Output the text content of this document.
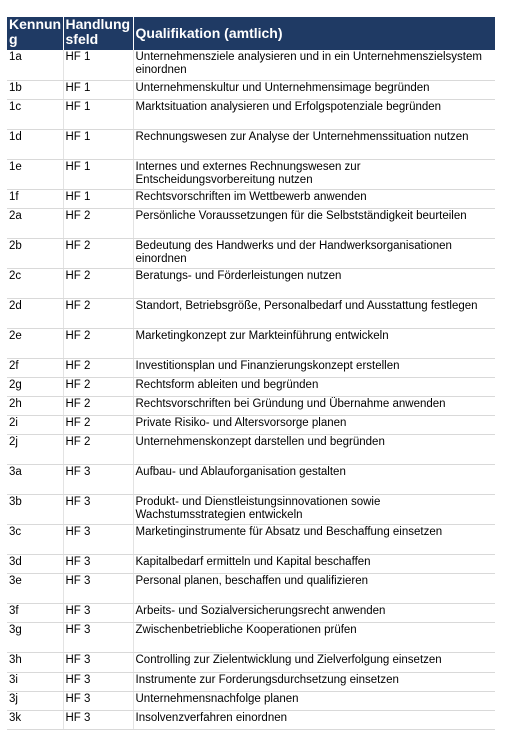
Kennung	Handlungsfeld	Qualifikation (amtlich)
1a	HF 1	Unternehmensziele analysieren und in ein Unternehmenszielsystem einordnen
1b	HF 1	Unternehmenskultur und Unternehmensimage begründen
1c	HF 1	Marktsituation analysieren und Erfolgspotenziale begründen
1d	HF 1	Rechnungswesen zur Analyse der Unternehmenssituation nutzen
1e	HF 1	Internes und externes Rechnungswesen zur Entscheidungsvorbereitung nutzen
1f	HF 1	Rechtsvorschriften im Wettbewerb anwenden
2a	HF 2	Persönliche Voraussetzungen für die Selbstständigkeit beurteilen
2b	HF 2	Bedeutung des Handwerks und der Handwerksorganisationen einordnen
2c	HF 2	Beratungs- und Förderleistungen nutzen
2d	HF 2	Standort, Betriebsgröße, Personalbedarf und Ausstattung festlegen
2e	HF 2	Marketingkonzept zur Markteinführung entwickeln
2f	HF 2	Investitionsplan und Finanzierungskonzept erstellen
2g	HF 2	Rechtsform ableiten und begründen
2h	HF 2	Rechtsvorschriften bei Gründung und Übernahme anwenden
2i	HF 2	Private Risiko- und Altersvorsorge planen
2j	HF 2	Unternehmenskonzept darstellen und begründen
3a	HF 3	Aufbau- und Ablauforganisation gestalten
3b	HF 3	Produkt- und Dienstleistungsinnovationen sowie Wachstumsstrategien entwickeln
3c	HF 3	Marketinginstrumente für Absatz und Beschaffung einsetzen
3d	HF 3	Kapitalbedarf ermitteln und Kapital beschaffen
3e	HF 3	Personal planen, beschaffen und qualifizieren
3f	HF 3	Arbeits- und Sozialversicherungsrecht anwenden
3g	HF 3	Zwischenbetriebliche Kooperationen prüfen
3h	HF 3	Controlling zur Zielentwicklung und Zielverfolgung einsetzen
3i	HF 3	Instrumente zur Forderungsdurchsetzung einsetzen
3j	HF 3	Unternehmensnachfolge planen
3k	HF 3	Insolvenzverfahren einordnen
